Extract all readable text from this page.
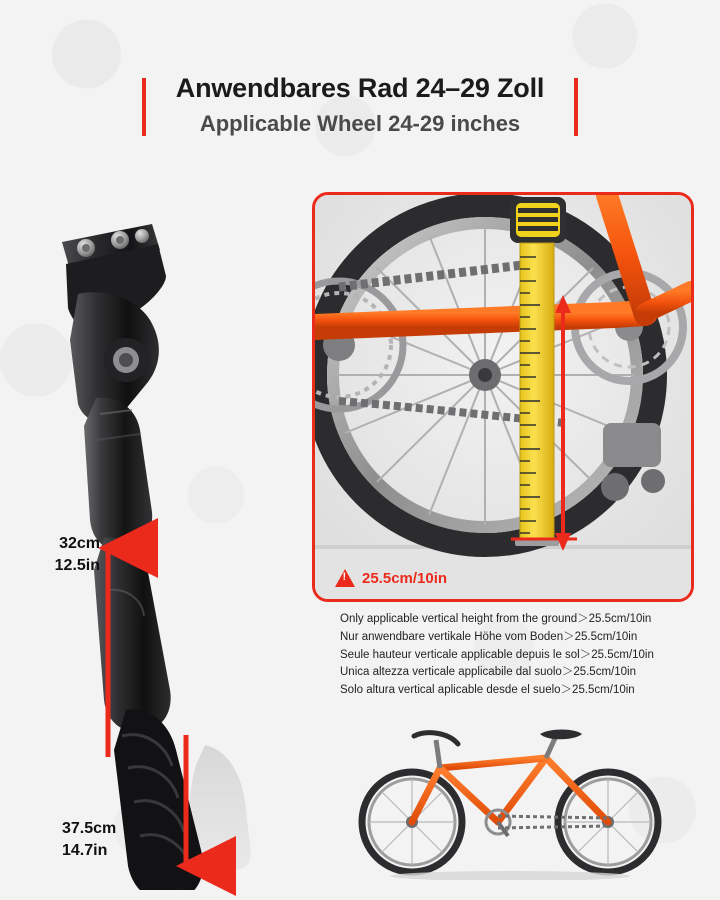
Anwendbares Rad 24–29 Zoll

Applicable Wheel 24-29 inches

32cm
12.5in
37.5cm
14.7in
!
25.5cm/10in
Only applicable vertical height from the ground＞25.5cm/10in
Nur anwendbare vertikale Höhe vom Boden＞25.5cm/10in
Seule hauteur verticale applicable depuis le sol＞25.5cm/10in
Unica altezza verticale applicabile dal suolo＞25.5cm/10in
Solo altura vertical aplicable desde el suelo＞25.5cm/10in
